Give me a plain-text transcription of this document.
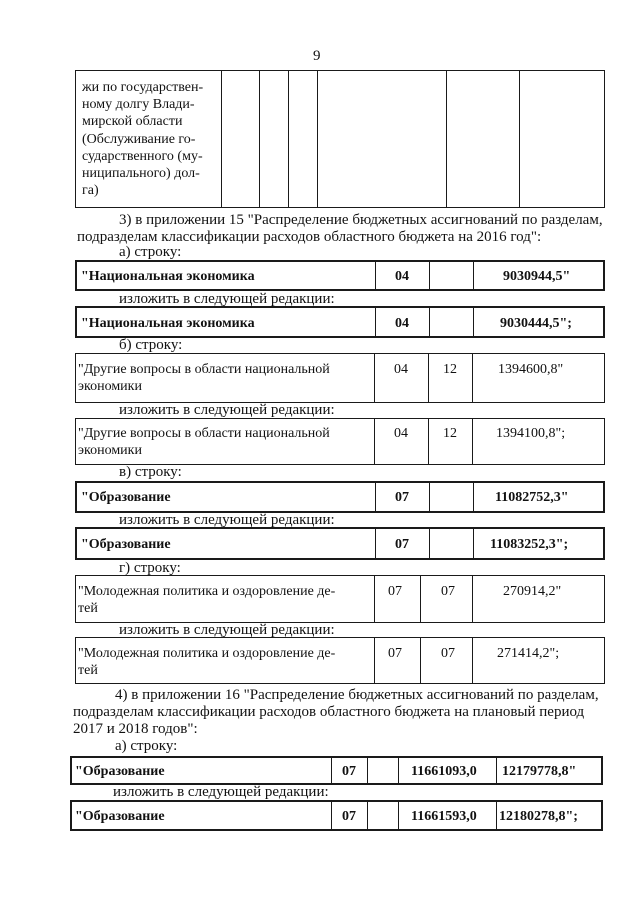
9
жи по государствен-
ному долгу Влади-
мирской области
(Обслуживание го-
сударственного (му-
ниципального) дол-
га)
3) в приложении 15 "Распределение бюджетных ассигнований по разделам,
подразделам классификации расходов областного бюджета на 2016 год":
а) строку:
"Национальная экономика	04	9030944,5"
изложить в следующей редакции:
"Национальная экономика	04	9030444,5";
б) строку:
"Другие вопросы в области национальной
экономики
04	12	1394600,8"
изложить в следующей редакции:
"Другие вопросы в области национальной
экономики
04	12	1394100,8";
в) строку:
"Образование	07	11082752,3"
изложить в следующей редакции:
"Образование	07	11083252,3";
г) строку:
"Молодежная политика и оздоровление де-
тей
07	07	270914,2"
изложить в следующей редакции:
"Молодежная политика и оздоровление де-
тей
07	07	271414,2";
4) в приложении 16 "Распределение бюджетных ассигнований по разделам,
подразделам классификации расходов областного бюджета на плановый период
2017 и 2018 годов":
а) строку:
"Образование	07	11661093,0 12179778,8"
изложить в следующей редакции:
"Образование	07	11661593,0 12180278,8";
